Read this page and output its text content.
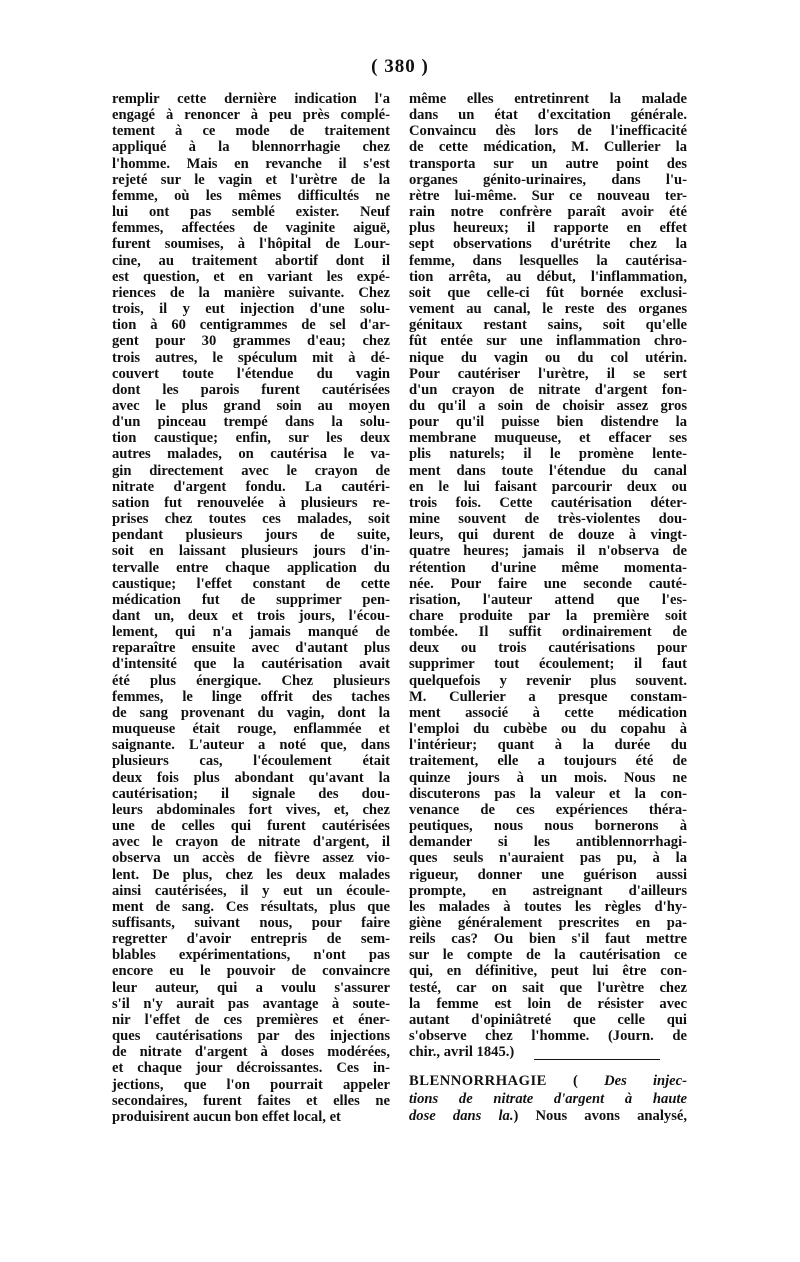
( 380 )
remplir cette dernière indication l'a
engagé à renoncer à peu près complé-
tement à ce mode de traitement
appliqué à la blennorrhagie chez
l'homme. Mais en revanche il s'est
rejeté sur le vagin et l'urètre de la
femme, où les mêmes difficultés ne
lui ont pas semblé exister. Neuf
femmes, affectées de vaginite aiguë,
furent soumises, à l'hôpital de Lour-
cine, au traitement abortif dont il
est question, et en variant les expé-
riences de la manière suivante. Chez
trois, il y eut injection d'une solu-
tion à 60 centigrammes de sel d'ar-
gent pour 30 grammes d'eau; chez
trois autres, le spéculum mit à dé-
couvert toute l'étendue du vagin
dont les parois furent cautérisées
avec le plus grand soin au moyen
d'un pinceau trempé dans la solu-
tion caustique; enfin, sur les deux
autres malades, on cautérisa le va-
gin directement avec le crayon de
nitrate d'argent fondu. La cautéri-
sation fut renouvelée à plusieurs re-
prises chez toutes ces malades, soit
pendant plusieurs jours de suite,
soit en laissant plusieurs jours d'in-
tervalle entre chaque application du
caustique; l'effet constant de cette
médication fut de supprimer pen-
dant un, deux et trois jours, l'écou-
lement, qui n'a jamais manqué de
reparaître ensuite avec d'autant plus
d'intensité que la cautérisation avait
été plus énergique. Chez plusieurs
femmes, le linge offrit des taches
de sang provenant du vagin, dont la
muqueuse était rouge, enflammée et
saignante. L'auteur a noté que, dans
plusieurs cas, l'écoulement était
deux fois plus abondant qu'avant la
cautérisation; il signale des dou-
leurs abdominales fort vives, et, chez
une de celles qui furent cautérisées
avec le crayon de nitrate d'argent, il
observa un accès de fièvre assez vio-
lent. De plus, chez les deux malades
ainsi cautérisées, il y eut un écoule-
ment de sang. Ces résultats, plus que
suffisants, suivant nous, pour faire
regretter d'avoir entrepris de sem-
blables expérimentations, n'ont pas
encore eu le pouvoir de convaincre
leur auteur, qui a voulu s'assurer
s'il n'y aurait pas avantage à soute-
nir l'effet de ces premières et éner-
ques cautérisations par des injections
de nitrate d'argent à doses modérées,
et chaque jour décroissantes. Ces in-
jections, que l'on pourrait appeler
secondaires, furent faites et elles ne
produisirent aucun bon effet local, et
même elles entretinrent la malade
dans un état d'excitation générale.
Convaincu dès lors de l'inefficacité
de cette médication, M. Cullerier la
transporta sur un autre point des
organes génito-urinaires, dans l'u-
rètre lui-même. Sur ce nouveau ter-
rain notre confrère paraît avoir été
plus heureux; il rapporte en effet
sept observations d'urétrite chez la
femme, dans lesquelles la cautérisa-
tion arrêta, au début, l'inflammation,
soit que celle-ci fût bornée exclusi-
vement au canal, le reste des organes
génitaux restant sains, soit qu'elle
fût entée sur une inflammation chro-
nique du vagin ou du col utérin.
Pour cautériser l'urètre, il se sert
d'un crayon de nitrate d'argent fon-
du qu'il a soin de choisir assez gros
pour qu'il puisse bien distendre la
membrane muqueuse, et effacer ses
plis naturels; il le promène lente-
ment dans toute l'étendue du canal
en le lui faisant parcourir deux ou
trois fois. Cette cautérisation déter-
mine souvent de très-violentes dou-
leurs, qui durent de douze à vingt-
quatre heures; jamais il n'observa de
rétention d'urine même momenta-
née. Pour faire une seconde cauté-
risation, l'auteur attend que l'es-
chare produite par la première soit
tombée. Il suffit ordinairement de
deux ou trois cautérisations pour
supprimer tout écoulement; il faut
quelquefois y revenir plus souvent.
M. Cullerier a presque constam-
ment associé à cette médication
l'emploi du cubèbe ou du copahu à
l'intérieur; quant à la durée du
traitement, elle a toujours été de
quinze jours à un mois. Nous ne
discuterons pas la valeur et la con-
venance de ces expériences théra-
peutiques, nous nous bornerons à
demander si les antiblennorrhagi-
ques seuls n'auraient pas pu, à la
rigueur, donner une guérison aussi
prompte, en astreignant d'ailleurs
les malades à toutes les règles d'hy-
giène généralement prescrites en pa-
reils cas? Ou bien s'il faut mettre
sur le compte de la cautérisation ce
qui, en définitive, peut lui être con-
testé, car on sait que l'urètre chez
la femme est loin de résister avec
autant d'opiniâtreté que celle qui
s'observe chez l'homme. (Journ. de
chir., avril 1845.)
BLENNORRHAGIE ( Des injec-
tions de nitrate d'argent à haute
dose dans la.) Nous avons analysé,
